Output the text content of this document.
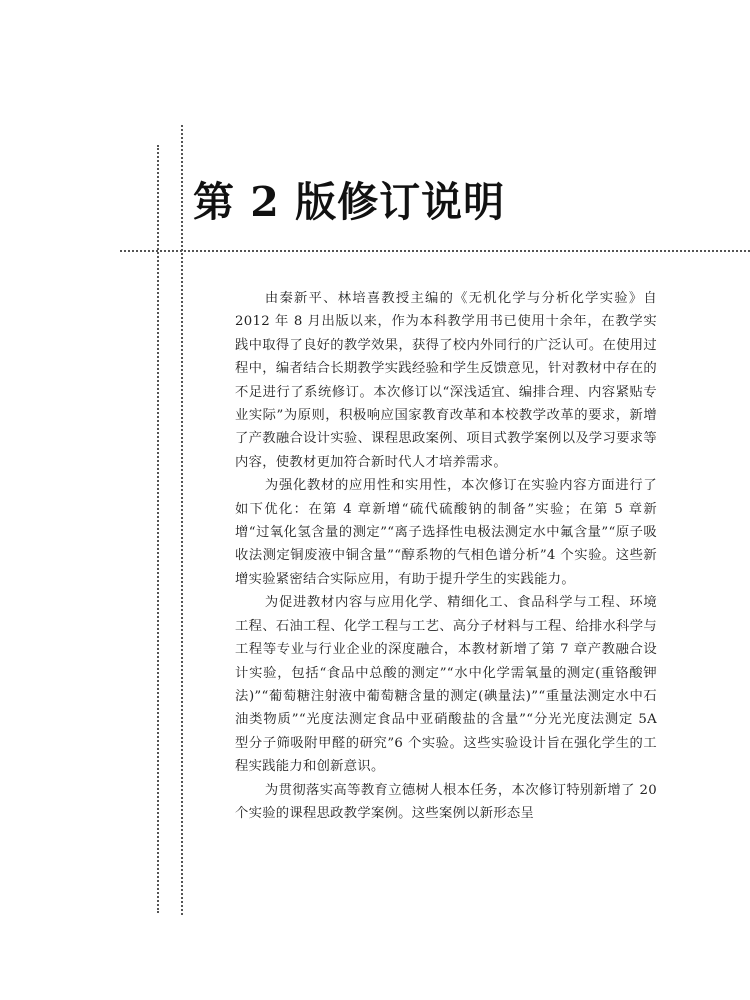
第 2 版修订说明

由秦新平、林培喜教授主编的《无机化学与分析化学实验》自 2012 年 8 月出版以来，作为本科教学用书已使用十余年，在教学实践中取得了良好的教学效果，获得了校内外同行的广泛认可。在使用过程中，编者结合长期教学实践经验和学生反馈意见，针对教材中存在的不足进行了系统修订。本次修订以“深浅适宜、编排合理、内容紧贴专业实际”为原则，积极响应国家教育改革和本校教学改革的要求，新增了产教融合设计实验、课程思政案例、项目式教学案例以及学习要求等内容，使教材更加符合新时代人才培养需求。

为强化教材的应用性和实用性，本次修订在实验内容方面进行了如下优化：在第 4 章新增“硫代硫酸钠的制备”实验；在第 5 章新增“过氧化氢含量的测定”“离子选择性电极法测定水中氟含量”“原子吸收法测定铜废液中铜含量”“醇系物的气相色谱分析”4 个实验。这些新增实验紧密结合实际应用，有助于提升学生的实践能力。

为促进教材内容与应用化学、精细化工、食品科学与工程、环境工程、石油工程、化学工程与工艺、高分子材料与工程、给排水科学与工程等专业与行业企业的深度融合，本教材新增了第 7 章产教融合设计实验，包括“食品中总酸的测定”“水中化学需氧量的测定(重铬酸钾法)”“葡萄糖注射液中葡萄糖含量的测定(碘量法)”“重量法测定水中石油类物质”“光度法测定食品中亚硝酸盐的含量”“分光光度法测定 5A 型分子筛吸附甲醛的研究”6 个实验。这些实验设计旨在强化学生的工程实践能力和创新意识。

为贯彻落实高等教育立德树人根本任务，本次修订特别新增了 20 个实验的课程思政教学案例。这些案例以新形态呈
